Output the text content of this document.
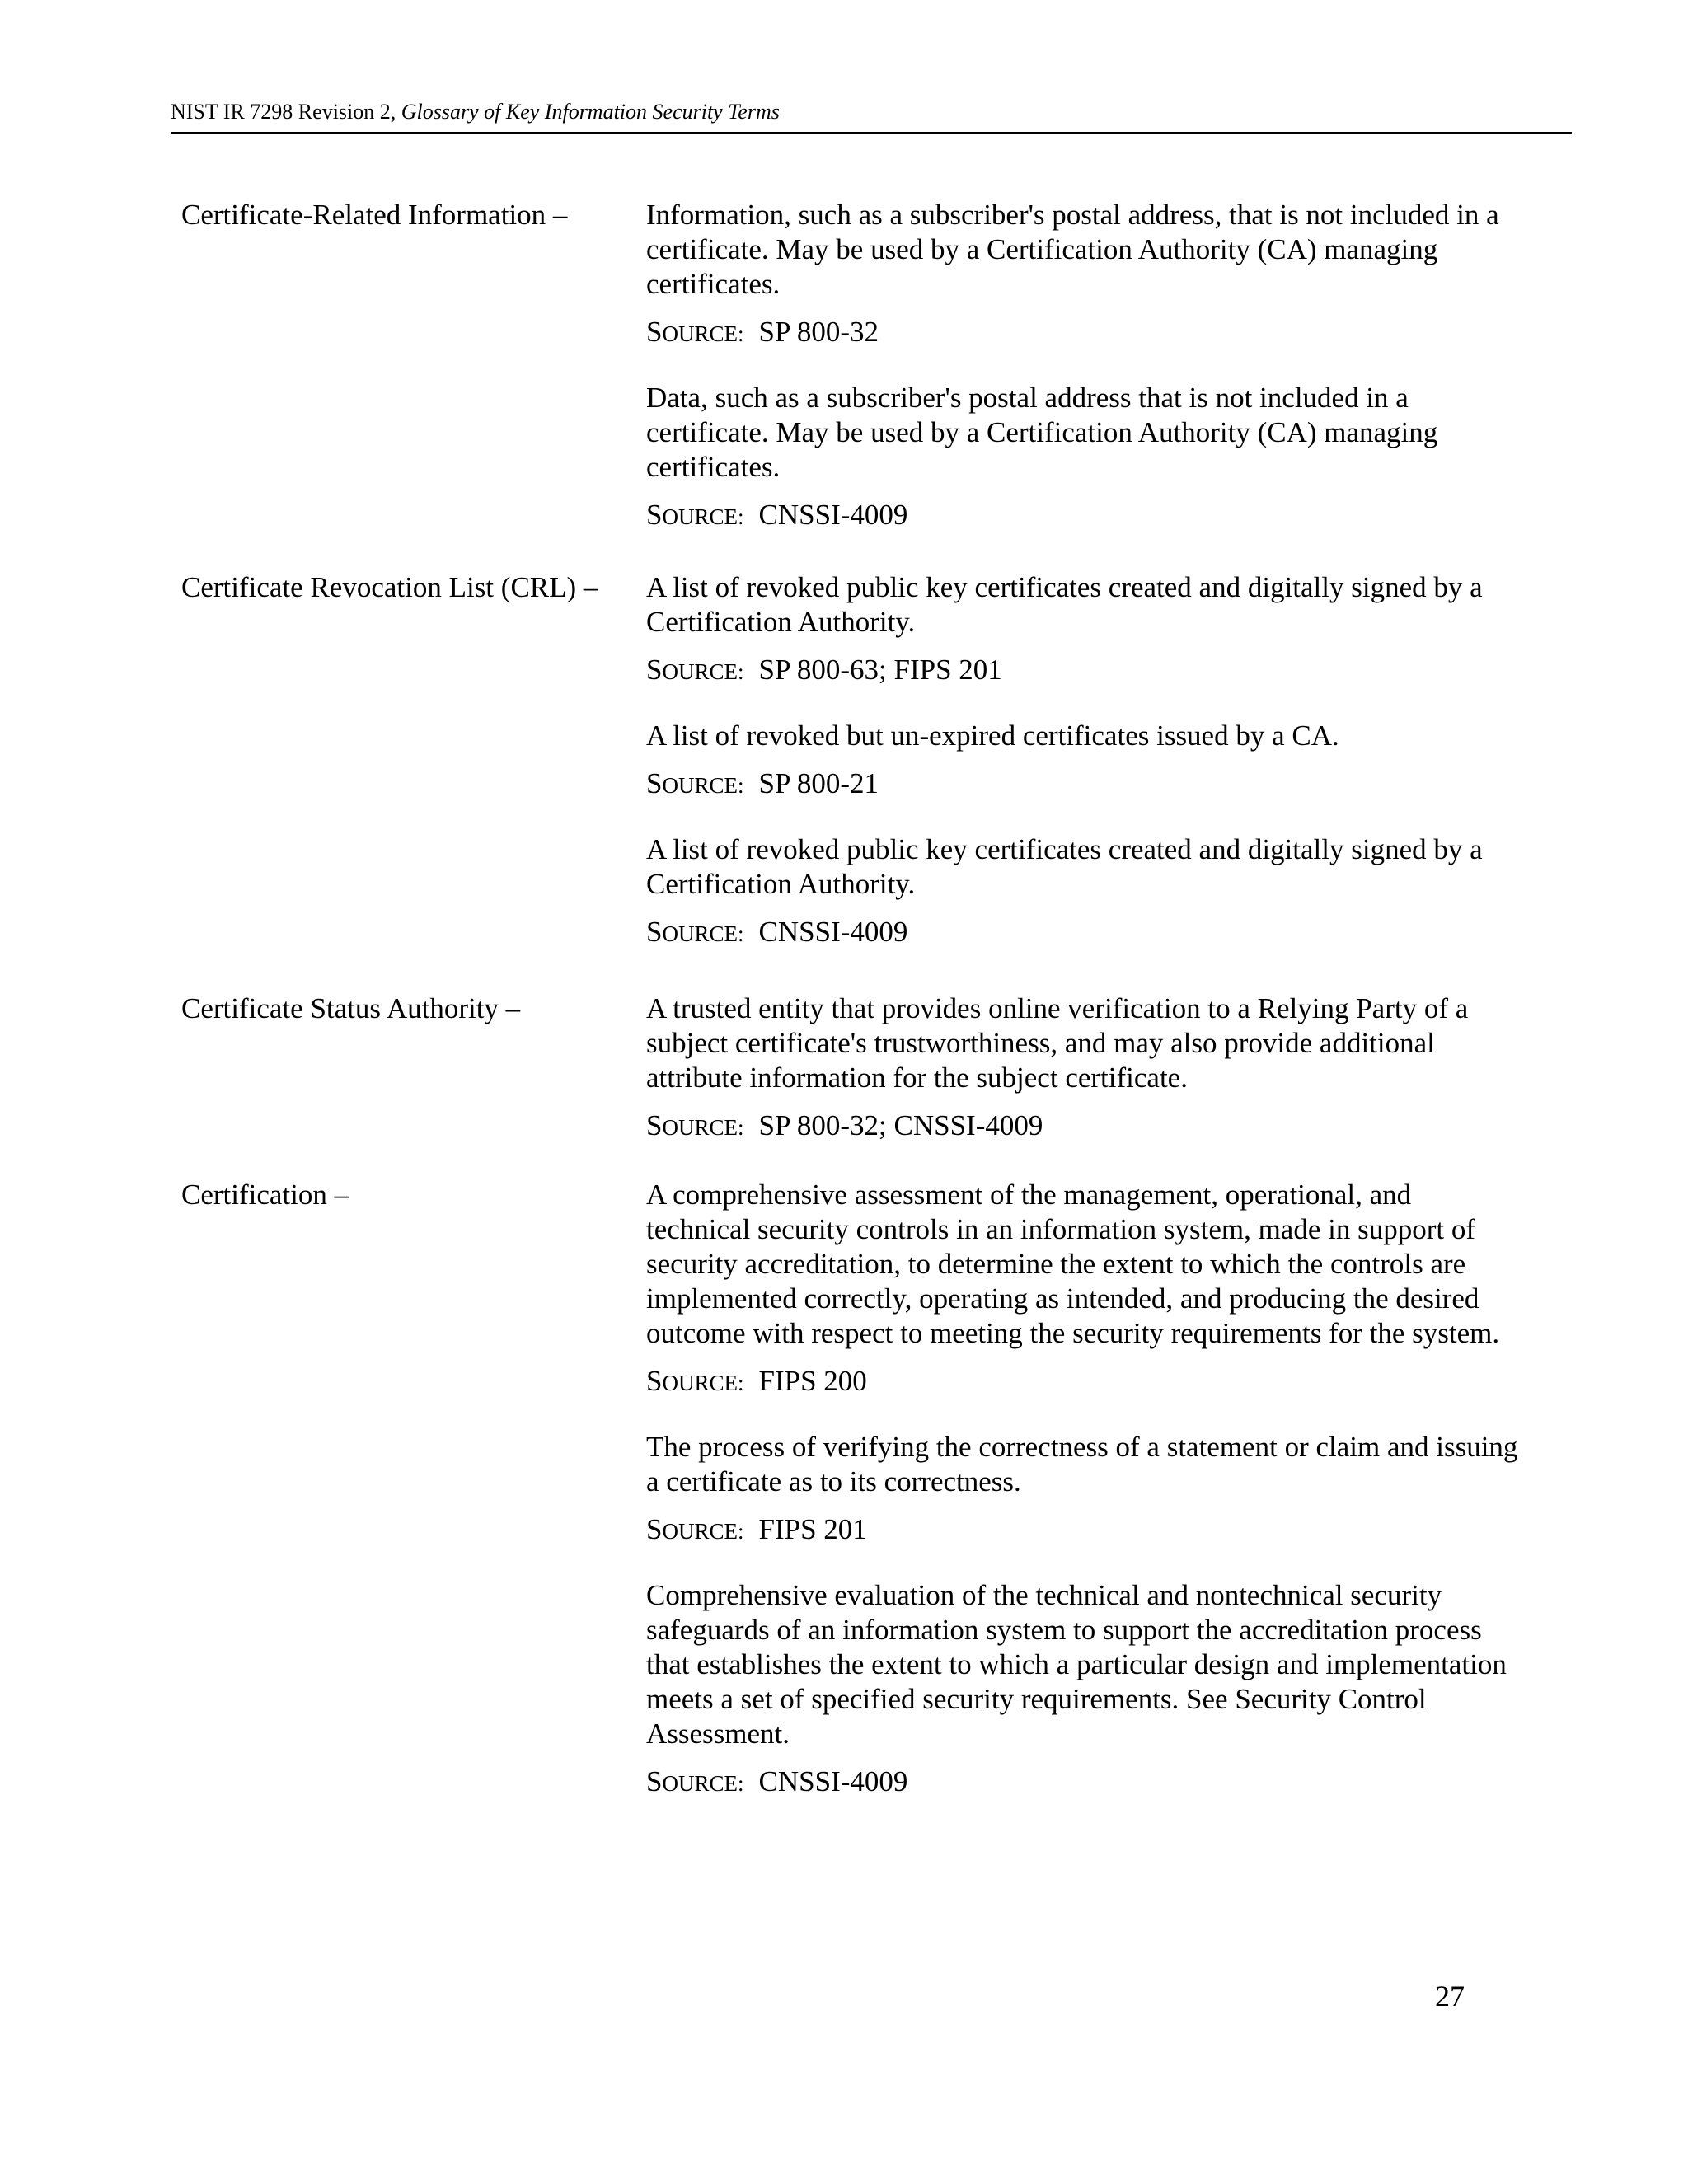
NIST IR 7298 Revision 2, Glossary of Key Information Security Terms
Certificate-Related Information –	Information, such as a subscriber's postal address, that is not included in a certificate. May be used by a Certification Authority (CA) managing certificates.

SOURCE: SP 800-32

Data, such as a subscriber's postal address that is not included in a certificate. May be used by a Certification Authority (CA) managing certificates.

SOURCE: CNSSI-4009
Certificate Revocation List (CRL) –	A list of revoked public key certificates created and digitally signed by a Certification Authority.

SOURCE: SP 800-63; FIPS 201

A list of revoked but un-expired certificates issued by a CA.

SOURCE: SP 800-21

A list of revoked public key certificates created and digitally signed by a Certification Authority.

SOURCE: CNSSI-4009
Certificate Status Authority –	A trusted entity that provides online verification to a Relying Party of a subject certificate's trustworthiness, and may also provide additional attribute information for the subject certificate.

SOURCE: SP 800-32; CNSSI-4009
Certification –	A comprehensive assessment of the management, operational, and technical security controls in an information system, made in support of security accreditation, to determine the extent to which the controls are implemented correctly, operating as intended, and producing the desired outcome with respect to meeting the security requirements for the system.

SOURCE: FIPS 200

The process of verifying the correctness of a statement or claim and issuing a certificate as to its correctness.

SOURCE: FIPS 201

Comprehensive evaluation of the technical and nontechnical security safeguards of an information system to support the accreditation process that establishes the extent to which a particular design and implementation meets a set of specified security requirements. See Security Control Assessment.

SOURCE: CNSSI-4009
27
